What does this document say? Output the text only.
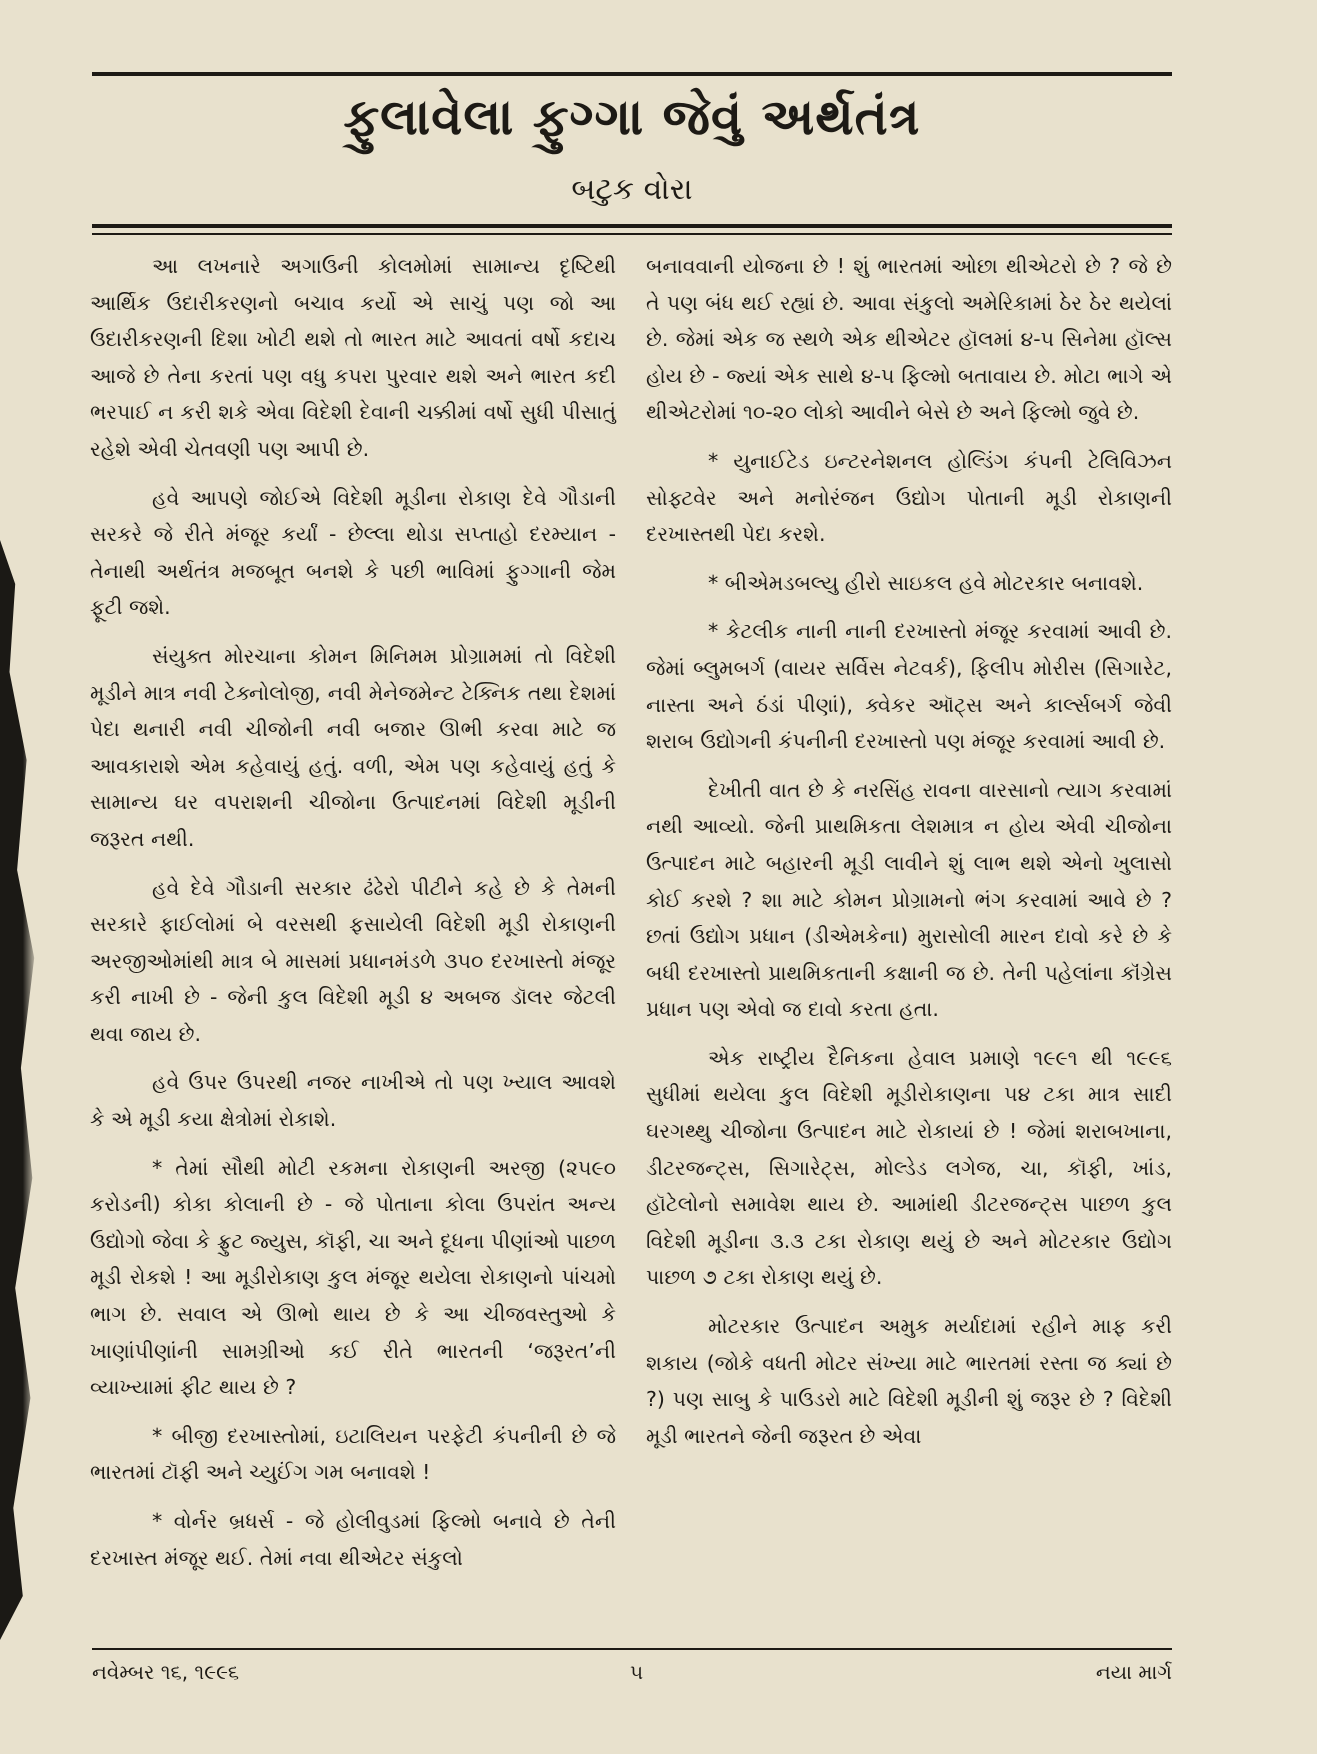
ફુલાવેલા ફુગ્ગા જેવું અર્થતંત્ર
બટુક વોરા

આ લખનારે અગાઉની કોલમોમાં સામાન્ય દૃષ્ટિથી આર્થિક ઉદારીકરણનો બચાવ કર્યો એ સાચું પણ જો આ ઉદારીકરણની દિશા ખોટી થશે તો ભારત માટે આવતાં વર્ષો કદાચ આજે છે તેના કરતાં પણ વધુ કપરા પુરવાર થશે અને ભારત કદી ભરપાઈ ન કરી શકે એવા વિદેશી દેવાની ચક્કીમાં વર્ષો સુધી પીસાતું રહેશે એવી ચેતવણી પણ આપી છે.

હવે આપણે જોઈએ વિદેશી મૂડીના રોકાણ દેવે ગૌડાની સરકરે જે રીતે મંજૂર કર્યાં - છેલ્લા થોડા સપ્તાહો દરમ્યાન - તેનાથી અર્થતંત્ર મજબૂત બનશે કે પછી ભાવિમાં ફુગ્ગાની જેમ ફૂટી જશે.

સંયુક્ત મોરચાના કોમન મિનિમમ પ્રોગ્રામમાં તો વિદેશી મૂડીને માત્ર નવી ટેક્નોલોજી, નવી મેનેજમેન્ટ ટેક્નિક તથા દેશમાં પેદા થનારી નવી ચીજોની નવી બજાર ઊભી કરવા માટે જ આવકારાશે એમ કહેવાયું હતું. વળી, એમ પણ કહેવાયું હતું કે સામાન્ય ઘર વપરાશની ચીજોના ઉત્પાદનમાં વિદેશી મૂડીની જરૂરત નથી.

હવે દેવે ગૌડાની સરકાર ઢંઢેરો પીટીને કહે છે કે તેમની સરકારે ફાઈલોમાં બે વરસથી ફસાયેલી વિદેશી મૂડી રોકાણની અરજીઓમાંથી માત્ર બે માસમાં પ્રધાનમંડળે ૩૫૦ દરખાસ્તો મંજૂર કરી નાખી છે - જેની કુલ વિદેશી મૂડી ૪ અબજ ડૉલર જેટલી થવા જાય છે.

હવે ઉપર ઉપરથી નજર નાખીએ તો પણ ખ્યાલ આવશે કે એ મૂડી કયા ક્ષેત્રોમાં રોકાશે.

* તેમાં સૌથી મોટી રકમના રોકાણની અરજી (૨૫૯૦ કરોડની) કોકા કોલાની છે - જે પોતાના કોલા ઉપરાંત અન્ય ઉદ્યોગો જેવા કે ફ્રુટ જ્યુસ, કૉફી, ચા અને દૂધના પીણાંઓ પાછળ મૂડી રોકશે ! આ મૂડીરોકાણ કુલ મંજૂર થયેલા રોકાણનો પાંચમો ભાગ છે. સવાલ એ ઊભો થાય છે કે આ ચીજવસ્તુઓ કે ખાણાંપીણાંની સામગ્રીઓ કઈ રીતે ભારતની ‘જરૂરત’ની વ્યાખ્યામાં ફીટ થાય છે ?

* બીજી દરખાસ્તોમાં, ઇટાલિયન પરફેટી કંપનીની છે જે ભારતમાં ટૉફી અને ચ્યુઈંગ ગમ બનાવશે !

* વોર્નર બ્રધર્સ - જે હોલીવુડમાં ફિલ્મો બનાવે છે તેની દરખાસ્ત મંજૂર થઈ. તેમાં નવા થીએટર સંકુલો

બનાવવાની યોજના છે ! શું ભારતમાં ઓછા થીએટરો છે ? જે છે તે પણ બંધ થઈ રહ્યાં છે. આવા સંકુલો અમેરિકામાં ઠેર ઠેર થયેલાં છે. જેમાં એક જ સ્થળે એક થીએટર હૉલમાં ૪-૫ સિનેમા હૉલ્સ હોય છે - જ્યાં એક સાથે ૪-૫ ફિલ્મો બતાવાય છે. મોટા ભાગે એ થીએટરોમાં ૧૦-૨૦ લોકો આવીને બેસે છે અને ફિલ્મો જુવે છે.

* યુનાઈટેડ ઇન્ટરનેશનલ હોલ્ડિંગ કંપની ટેલિવિઝન સોફ્ટવેર અને મનોરંજન ઉદ્યોગ પોતાની મૂડી રોકાણની દરખાસ્તથી પેદા કરશે.

* બીએમડબલ્યુ હીરો સાઇકલ હવે મોટરકાર બનાવશે.

* કેટલીક નાની નાની દરખાસ્તો મંજૂર કરવામાં આવી છે. જેમાં બ્લુમબર્ગ (વાયર સર્વિસ નેટવર્ક), ફિલીપ મોરીસ (સિગારેટ, નાસ્તા અને ઠંડાં પીણાં), ક્વેકર ઑટ્સ અને કાર્લ્સબર્ગ જેવી શરાબ ઉદ્યોગની કંપનીની દરખાસ્તો પણ મંજૂર કરવામાં આવી છે.

દેખીતી વાત છે કે નરસિંહ રાવના વારસાનો ત્યાગ કરવામાં નથી આવ્યો. જેની પ્રાથમિકતા લેશમાત્ર ન હોય એવી ચીજોના ઉત્પાદન માટે બહારની મૂડી લાવીને શું લાભ થશે એનો ખુલાસો કોઈ કરશે ? શા માટે કોમન પ્રોગ્રામનો ભંગ કરવામાં આવે છે ? છતાં ઉદ્યોગ પ્રધાન (ડીએમકેના) મુરાસોલી મારન દાવો કરે છે કે બધી દરખાસ્તો પ્રાથમિકતાની કક્ષાની જ છે. તેની પહેલાંના કૉંગ્રેસ પ્રધાન પણ એવો જ દાવો કરતા હતા.

એક રાષ્ટ્રીય દૈનિકના હેવાલ પ્રમાણે ૧૯૯૧ થી ૧૯૯૬ સુધીમાં થયેલા કુલ વિદેશી મૂડીરોકાણના ૫૪ ટકા માત્ર સાદી ઘરગથ્થુ ચીજોના ઉત્પાદન માટે રોકાયાં છે ! જેમાં શરાબખાના, ડીટરજન્ટ્સ, સિગારેટ્સ, મોલ્ડેડ લગેજ, ચા, કૉફી, ખાંડ, હૉટેલોનો સમાવેશ થાય છે. આમાંથી ડીટરજન્ટ્સ પાછળ કુલ વિદેશી મૂડીના ૩.૩ ટકા રોકાણ થયું છે અને મોટરકાર ઉદ્યોગ પાછળ ૭ ટકા રોકાણ થયું છે.

મોટરકાર ઉત્પાદન અમુક મર્યાદામાં રહીને માફ કરી શકાય (જોકે વધતી મોટર સંખ્યા માટે ભારતમાં રસ્તા જ ક્યાં છે ?) પણ સાબુ કે પાઉડરો માટે વિદેશી મૂડીની શું જરૂર છે ? વિદેશી મૂડી ભારતને જેની જરૂરત છે એવા

નવેમ્બર ૧૬, ૧૯૯૬	૫	નયા માર્ગ
